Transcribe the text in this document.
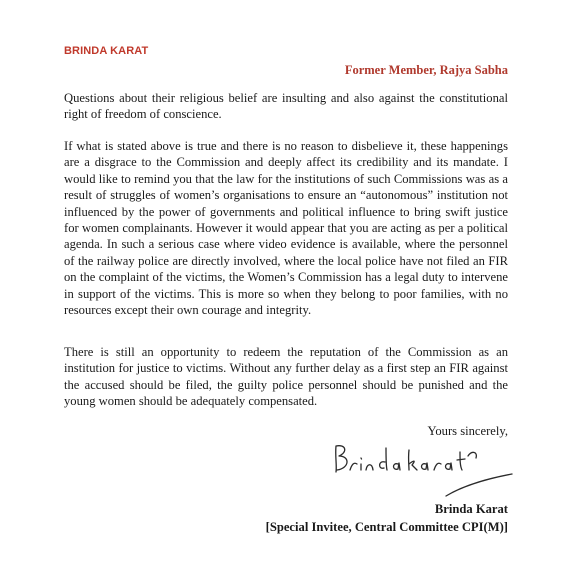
BRINDA KARAT
Former Member, Rajya Sabha

Questions about their religious belief are insulting and also against the constitutional right of freedom of conscience.

If what is stated above is true and there is no reason to disbelieve it, these happenings are a disgrace to the Commission and deeply affect its credibility and its mandate. I would like to remind you that the law for the institutions of such Commissions was as a result of struggles of women’s organisations to ensure an “autonomous” institution not influenced by the power of governments and political influence to bring swift justice for women complainants. However it would appear that you are acting as per a political agenda. In such a serious case where video evidence is available, where the personnel of the railway police are directly involved, where the local police have not filed an FIR on the complaint of the victims, the Women’s Commission has a legal duty to intervene in support of the victims. This is more so when they belong to poor families, with no resources except their own courage and integrity.

There is still an opportunity to redeem the reputation of the Commission as an institution for justice to victims. Without any further delay as a first step an FIR against the accused should be filed, the guilty police personnel should be punished and the young women should be adequately compensated.

Yours sincerely,
Brinda Karat
[Special Invitee, Central Committee CPI(M)]
